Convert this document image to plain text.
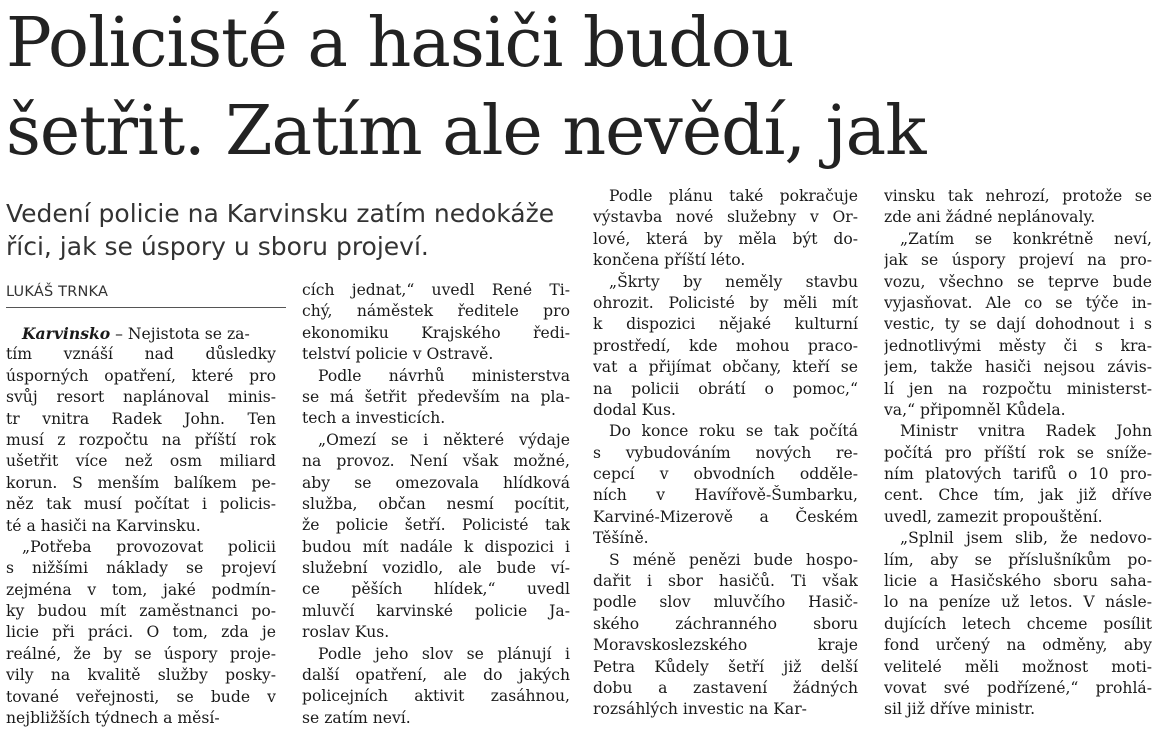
Policisté a hasiči budou
šetřit. Zatím ale nevědí, jak
Vedení policie na Karvinsku zatím nedokáže
říci, jak se úspory u sboru projeví.
LUKÁŠ TRNKA
Karvinsko – Nejistota se za-
tím vznáší nad důsledky
úsporných opatření, které pro
svůj resort naplánoval minis-
tr vnitra Radek John. Ten
musí z rozpočtu na příští rok
ušetřit více než osm miliard
korun. S menším balíkem pe-
něz tak musí počítat i policis-
té a hasiči na Karvinsku.
„Potřeba provozovat policii
s nižšími náklady se projeví
zejména v tom, jaké podmín-
ky budou mít zaměstnanci po-
licie při práci. O tom, zda je
reálné, že by se úspory proje-
vily na kvalitě služby posky-
tované veřejnosti, se bude v
nejbližších týdnech a měsí-
cích jednat,“ uvedl René Ti-
chý, náměstek ředitele pro
ekonomiku Krajského ředi-
telství policie v Ostravě.
Podle návrhů ministerstva
se má šetřit především na pla-
tech a investicích.
„Omezí se i některé výdaje
na provoz. Není však možné,
aby se omezovala hlídková
služba, občan nesmí pocítit,
že policie šetří. Policisté tak
budou mít nadále k dispozici i
služební vozidlo, ale bude ví-
ce pěších hlídek,“ uvedl
mluvčí karvinské policie Ja-
roslav Kus.
Podle jeho slov se plánují i
další opatření, ale do jakých
policejních aktivit zasáhnou,
se zatím neví.
Podle plánu také pokračuje
výstavba nové služebny v Or-
lové, která by měla být do-
končena příští léto.
„Škrty by neměly stavbu
ohrozit. Policisté by měli mít
k dispozici nějaké kulturní
prostředí, kde mohou praco-
vat a přijímat občany, kteří se
na policii obrátí o pomoc,“
dodal Kus.
Do konce roku se tak počítá
s vybudováním nových re-
cepcí v obvodních odděle-
ních v Havířově-Šumbarku,
Karviné-Mizerově a Českém
Těšíně.
S méně penězi bude hospo-
dařit i sbor hasičů. Ti však
podle slov mluvčího Hasič-
ského záchranného sboru
Moravskoslezského kraje
Petra Kůdely šetří již delší
dobu a zastavení žádných
rozsáhlých investic na Kar-
vinsku tak nehrozí, protože se
zde ani žádné neplánovaly.
„Zatím se konkrétně neví,
jak se úspory projeví na pro-
vozu, všechno se teprve bude
vyjasňovat. Ale co se týče in-
vestic, ty se dají dohodnout i s
jednotlivými městy či s kra-
jem, takže hasiči nejsou závis-
lí jen na rozpočtu ministerst-
va,“ připomněl Kůdela.
Ministr vnitra Radek John
počítá pro příští rok se sníže-
ním platových tarifů o 10 pro-
cent. Chce tím, jak již dříve
uvedl, zamezit propouštění.
„Splnil jsem slib, že nedovo-
lím, aby se příslušníkům po-
licie a Hasičského sboru saha-
lo na peníze už letos. V násle-
dujících letech chceme posílit
fond určený na odměny, aby
velitelé měli možnost moti-
vovat své podřízené,“ prohlá-
sil již dříve ministr.
